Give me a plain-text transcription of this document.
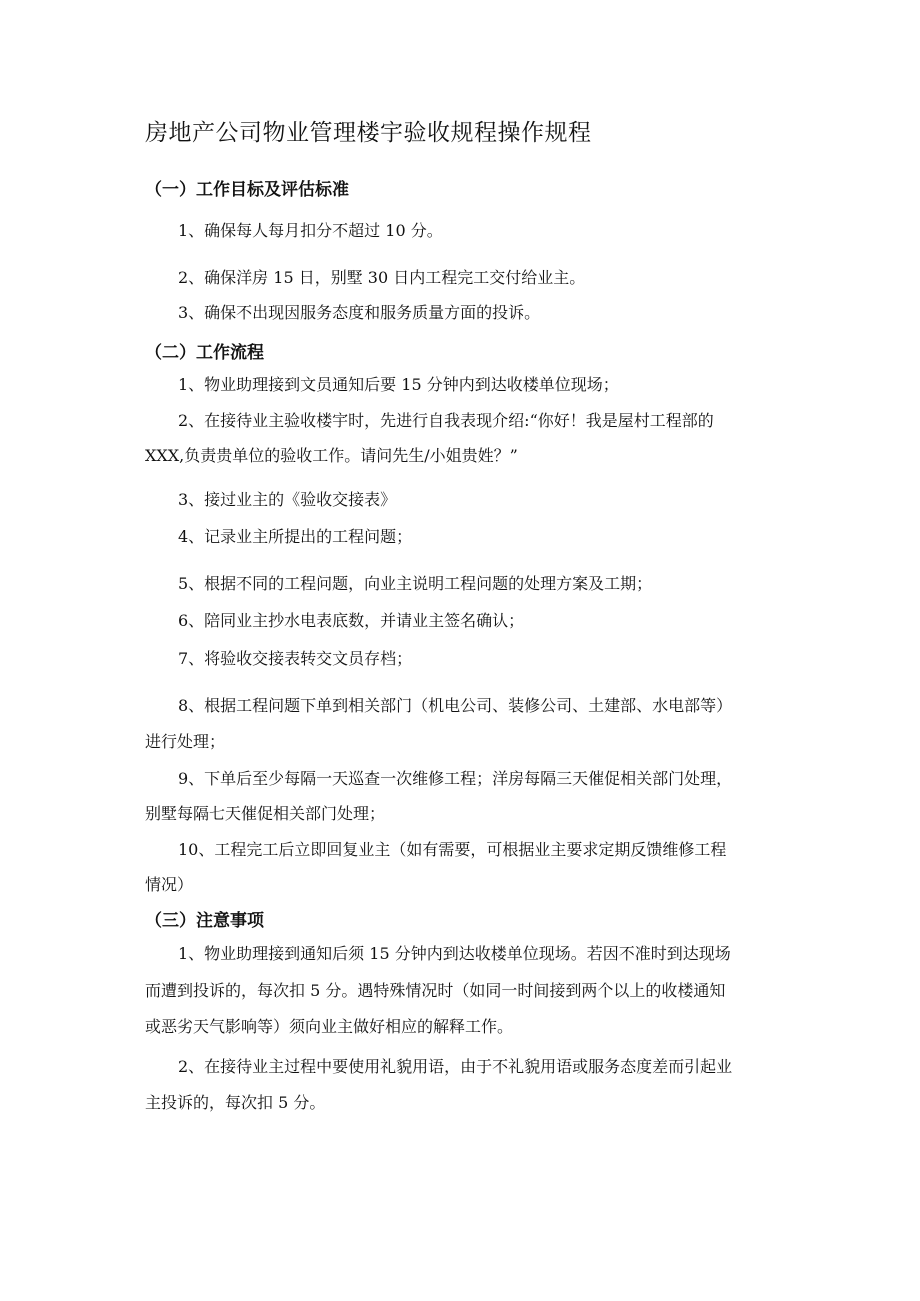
房地产公司物业管理楼宇验收规程操作规程
（一）工作目标及评估标准
1、确保每人每月扣分不超过 10 分。
2、确保洋房 15 日，别墅 30 日内工程完工交付给业主。
3、确保不出现因服务态度和服务质量方面的投诉。
（二）工作流程
1、物业助理接到文员通知后要 15 分钟内到达收楼单位现场；
2、在接待业主验收楼宇时，先进行自我表现介绍:“你好！我是屋村工程部的
XXX,负责贵单位的验收工作。请问先生/小姐贵姓？”
3、接过业主的《验收交接表》
4、记录业主所提出的工程问题；
5、根据不同的工程问题，向业主说明工程问题的处理方案及工期；
6、陪同业主抄水电表底数，并请业主签名确认；
7、将验收交接表转交文员存档；
8、根据工程问题下单到相关部门（机电公司、装修公司、土建部、水电部等）
进行处理；
9、下单后至少每隔一天巡查一次维修工程；洋房每隔三天催促相关部门处理，
别墅每隔七天催促相关部门处理；
10、工程完工后立即回复业主（如有需要，可根据业主要求定期反馈维修工程
情况）
（三）注意事项
1、物业助理接到通知后须 15 分钟内到达收楼单位现场。若因不准时到达现场
而遭到投诉的，每次扣 5 分。遇特殊情况时（如同一时间接到两个以上的收楼通知
或恶劣天气影响等）须向业主做好相应的解释工作。
2、在接待业主过程中要使用礼貌用语，由于不礼貌用语或服务态度差而引起业
主投诉的，每次扣 5 分。
